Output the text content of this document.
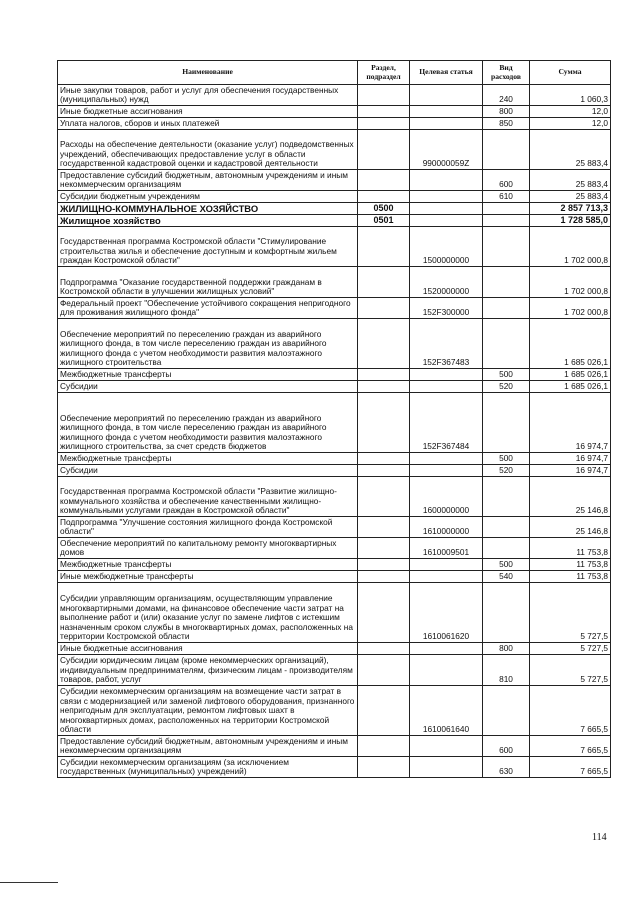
Наименование	Раздел, подраздел	Целевая статья	Вид расходов	Сумма
Иные закупки товаров, работ и услуг для обеспечения государственных (муниципальных) нужд			240	1 060,3
Иные бюджетные ассигнования			800	12,0
Уплата налогов, сборов и иных платежей			850	12,0
Расходы на обеспечение деятельности (оказание услуг) подведомственных учреждений, обеспечивающих предоставление услуг в области государственной кадастровой оценки и кадастровой деятельности		990000059Z		25 883,4
Предоставление субсидий бюджетным, автономным учреждениям и иным некоммерческим организациям			600	25 883,4
Субсидии бюджетным учреждениям			610	25 883,4
ЖИЛИЩНО-КОММУНАЛЬНОЕ ХОЗЯЙСТВО	0500			2 857 713,3
Жилищное хозяйство	0501			1 728 585,0
Государственная программа Костромской области "Стимулирование строительства жилья и обеспечение доступным и комфортным жильем граждан Костромской области"		1500000000		1 702 000,8
Подпрограмма "Оказание государственной поддержки гражданам в Костромской области в улучшении жилищных условий"		1520000000		1 702 000,8
Федеральный проект "Обеспечение устойчивого сокращения непригодного для проживания жилищного фонда"		152F300000		1 702 000,8
Обеспечение мероприятий по переселению граждан из аварийного жилищного фонда, в том числе переселению граждан из аварийного жилищного фонда с учетом необходимости развития малоэтажного жилищного строительства		152F367483		1 685 026,1
Межбюджетные трансферты			500	1 685 026,1
Субсидии			520	1 685 026,1
Обеспечение мероприятий по переселению граждан из аварийного жилищного фонда, в том числе переселению граждан из аварийного жилищного фонда с учетом необходимости развития малоэтажного жилищного строительства, за счет средств бюджетов		152F367484		16 974,7
Межбюджетные трансферты			500	16 974,7
Субсидии			520	16 974,7
Государственная программа Костромской области "Развитие жилищно-коммунального хозяйства и обеспечение качественными жилищно-коммунальными услугами граждан в Костромской области"		1600000000		25 146,8
Подпрограмма "Улучшение состояния жилищного фонда Костромской области"		1610000000		25 146,8
Обеспечение мероприятий по капитальному ремонту многоквартирных домов		1610009501		11 753,8
Межбюджетные трансферты			500	11 753,8
Иные межбюджетные трансферты			540	11 753,8
Субсидии управляющим организациям, осуществляющим управление многоквартирными домами, на финансовое обеспечение части затрат на выполнение работ и (или) оказание услуг по замене лифтов с истекшим назначенным сроком службы в многоквартирных домах, расположенных на территории Костромской области		1610061620		5 727,5
Иные бюджетные ассигнования			800	5 727,5
Субсидии юридическим лицам (кроме некоммерческих организаций), индивидуальным предпринимателям, физическим лицам - производителям товаров, работ, услуг			810	5 727,5
Субсидии некоммерческим организациям на возмещение части затрат в связи с модернизацией или заменой лифтового оборудования, признанного непригодным для эксплуатации, ремонтом лифтовых шахт в многоквартирных домах, расположенных на территории Костромской области		1610061640		7 665,5
Предоставление субсидий бюджетным, автономным учреждениям и иным некоммерческим организациям			600	7 665,5
Субсидии некоммерческим организациям (за исключением государственных (муниципальных) учреждений)			630	7 665,5
114
